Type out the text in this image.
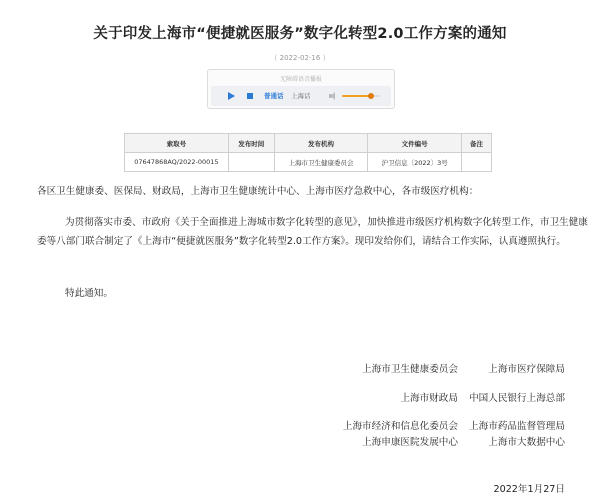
关于印发上海市“便捷就医服务”数字化转型2.0工作方案的通知
（ 2022-02-16 ）
无障碍语音播报
普通话 上海话
索取号	发布时间	发布机构	文件编号	备注
07647868AQ/2022-00015		上海市卫生健康委员会	沪卫信息〔2022〕3号	
各区卫生健康委、医保局、财政局，上海市卫生健康统计中心、上海市医疗急救中心，各市级医疗机构：
为贯彻落实市委、市政府《关于全面推进上海城市数字化转型的意见》，加快推进市级医疗机构数字化转型工作，市卫生健康委等八部门联合制定了《上海市“便捷就医服务”数字化转型2.0工作方案》。现印发给你们，请结合工作实际，认真遵照执行。
特此通知。
上海市卫生健康委员会	上海市医疗保障局
上海市财政局 中国人民银行上海总部
上海市经济和信息化委员会 上海市药品监督管理局
上海申康医院发展中心	上海市大数据中心
2022年1月27日
